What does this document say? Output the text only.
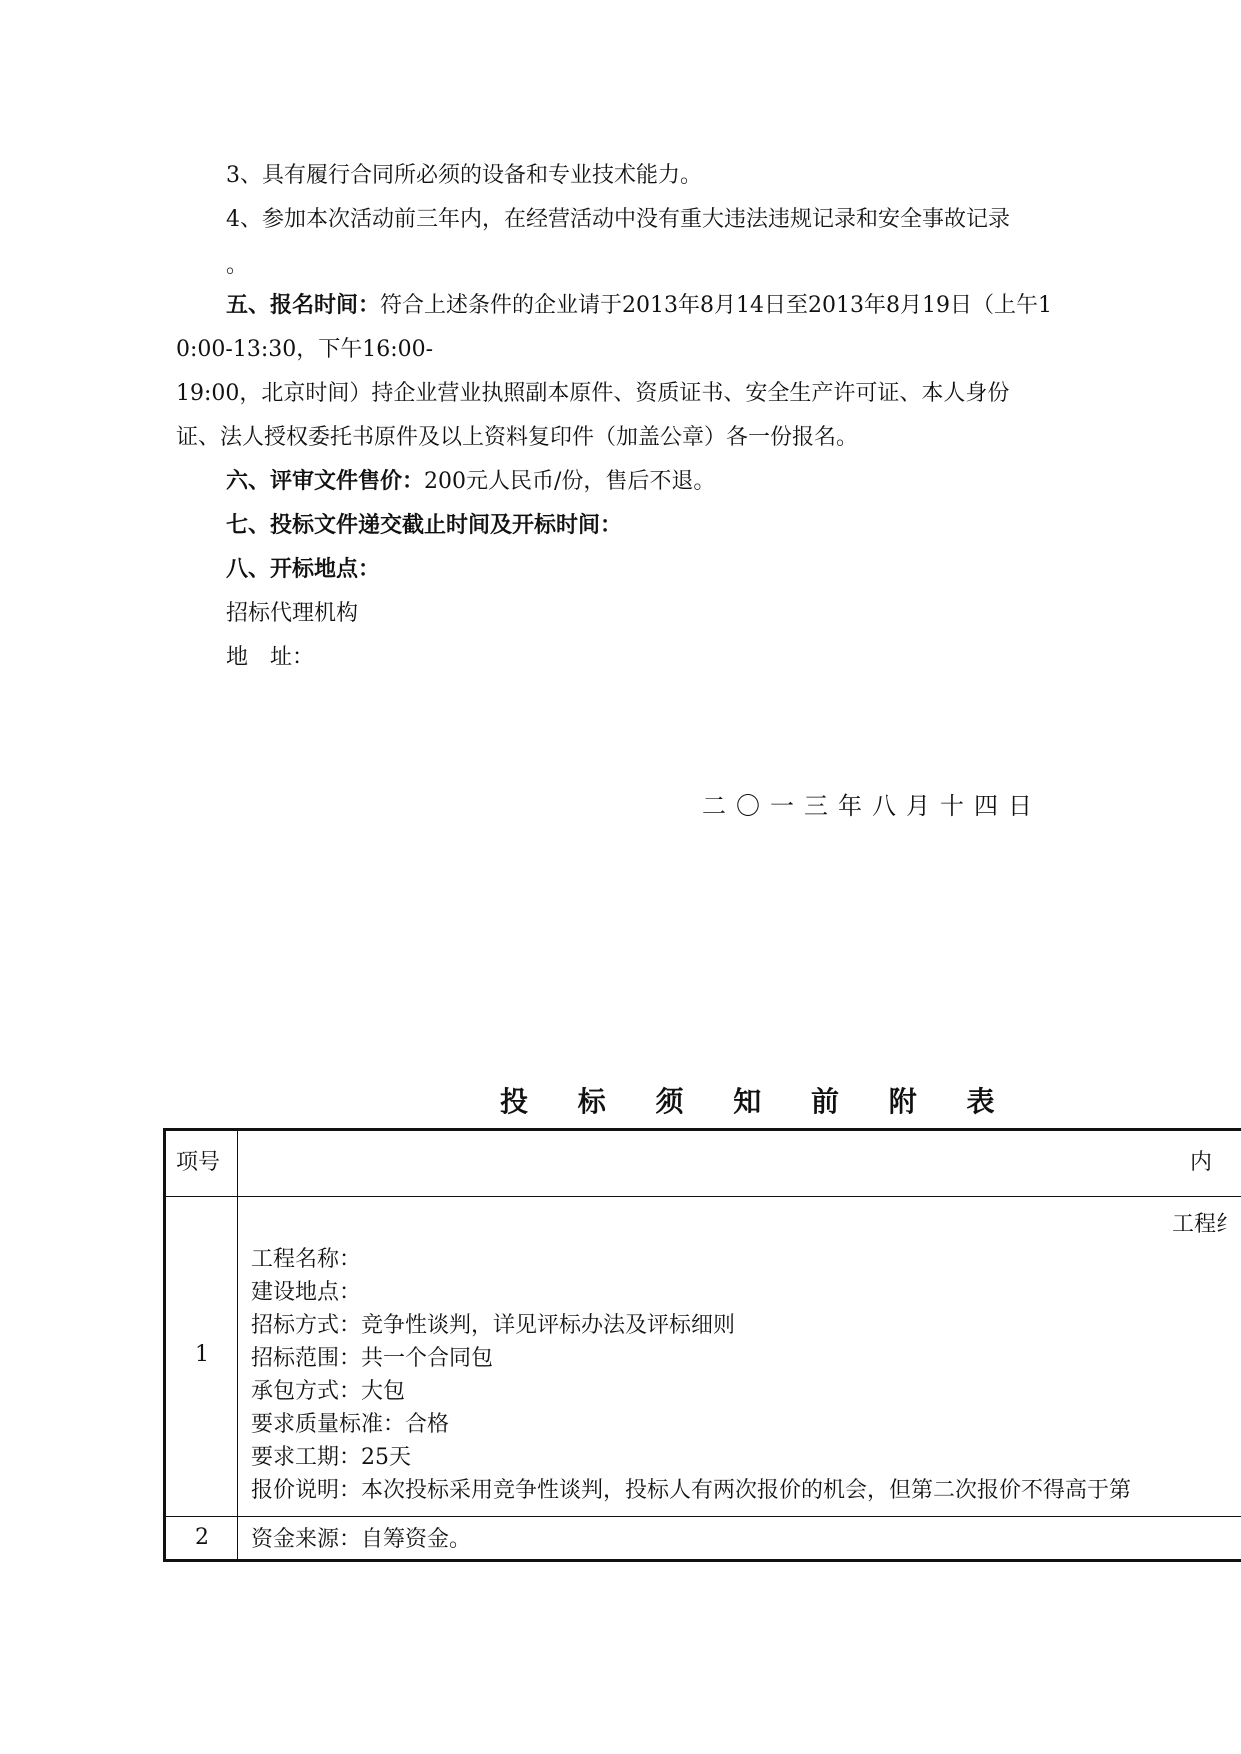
3、具有履行合同所必须的设备和专业技术能力。
4、参加本次活动前三年内，在经营活动中没有重大违法违规记录和安全事故记录
。
五、报名时间：符合上述条件的企业请于2013年8月14日至2013年8月19日（上午1
0:00-13:30，下午16:00-
19:00，北京时间）持企业营业执照副本原件、资质证书、安全生产许可证、本人身份
证、法人授权委托书原件及以上资料复印件（加盖公章）各一份报名。
六、评审文件售价：200元人民币/份，售后不退。
七、投标文件递交截止时间及开标时间：
八、开标地点：
招标代理机构
地　址：
二〇一三年八月十四日
投 标 须 知 前 附 表
项号	内
1
工程纟
工程名称：
建设地点：
招标方式：竞争性谈判，详见评标办法及评标细则
招标范围：共一个合同包
承包方式：大包
要求质量标准：合格
要求工期：25天
报价说明：本次投标采用竞争性谈判，投标人有两次报价的机会，但第二次报价不得高于第
2	资金来源：自筹资金。
